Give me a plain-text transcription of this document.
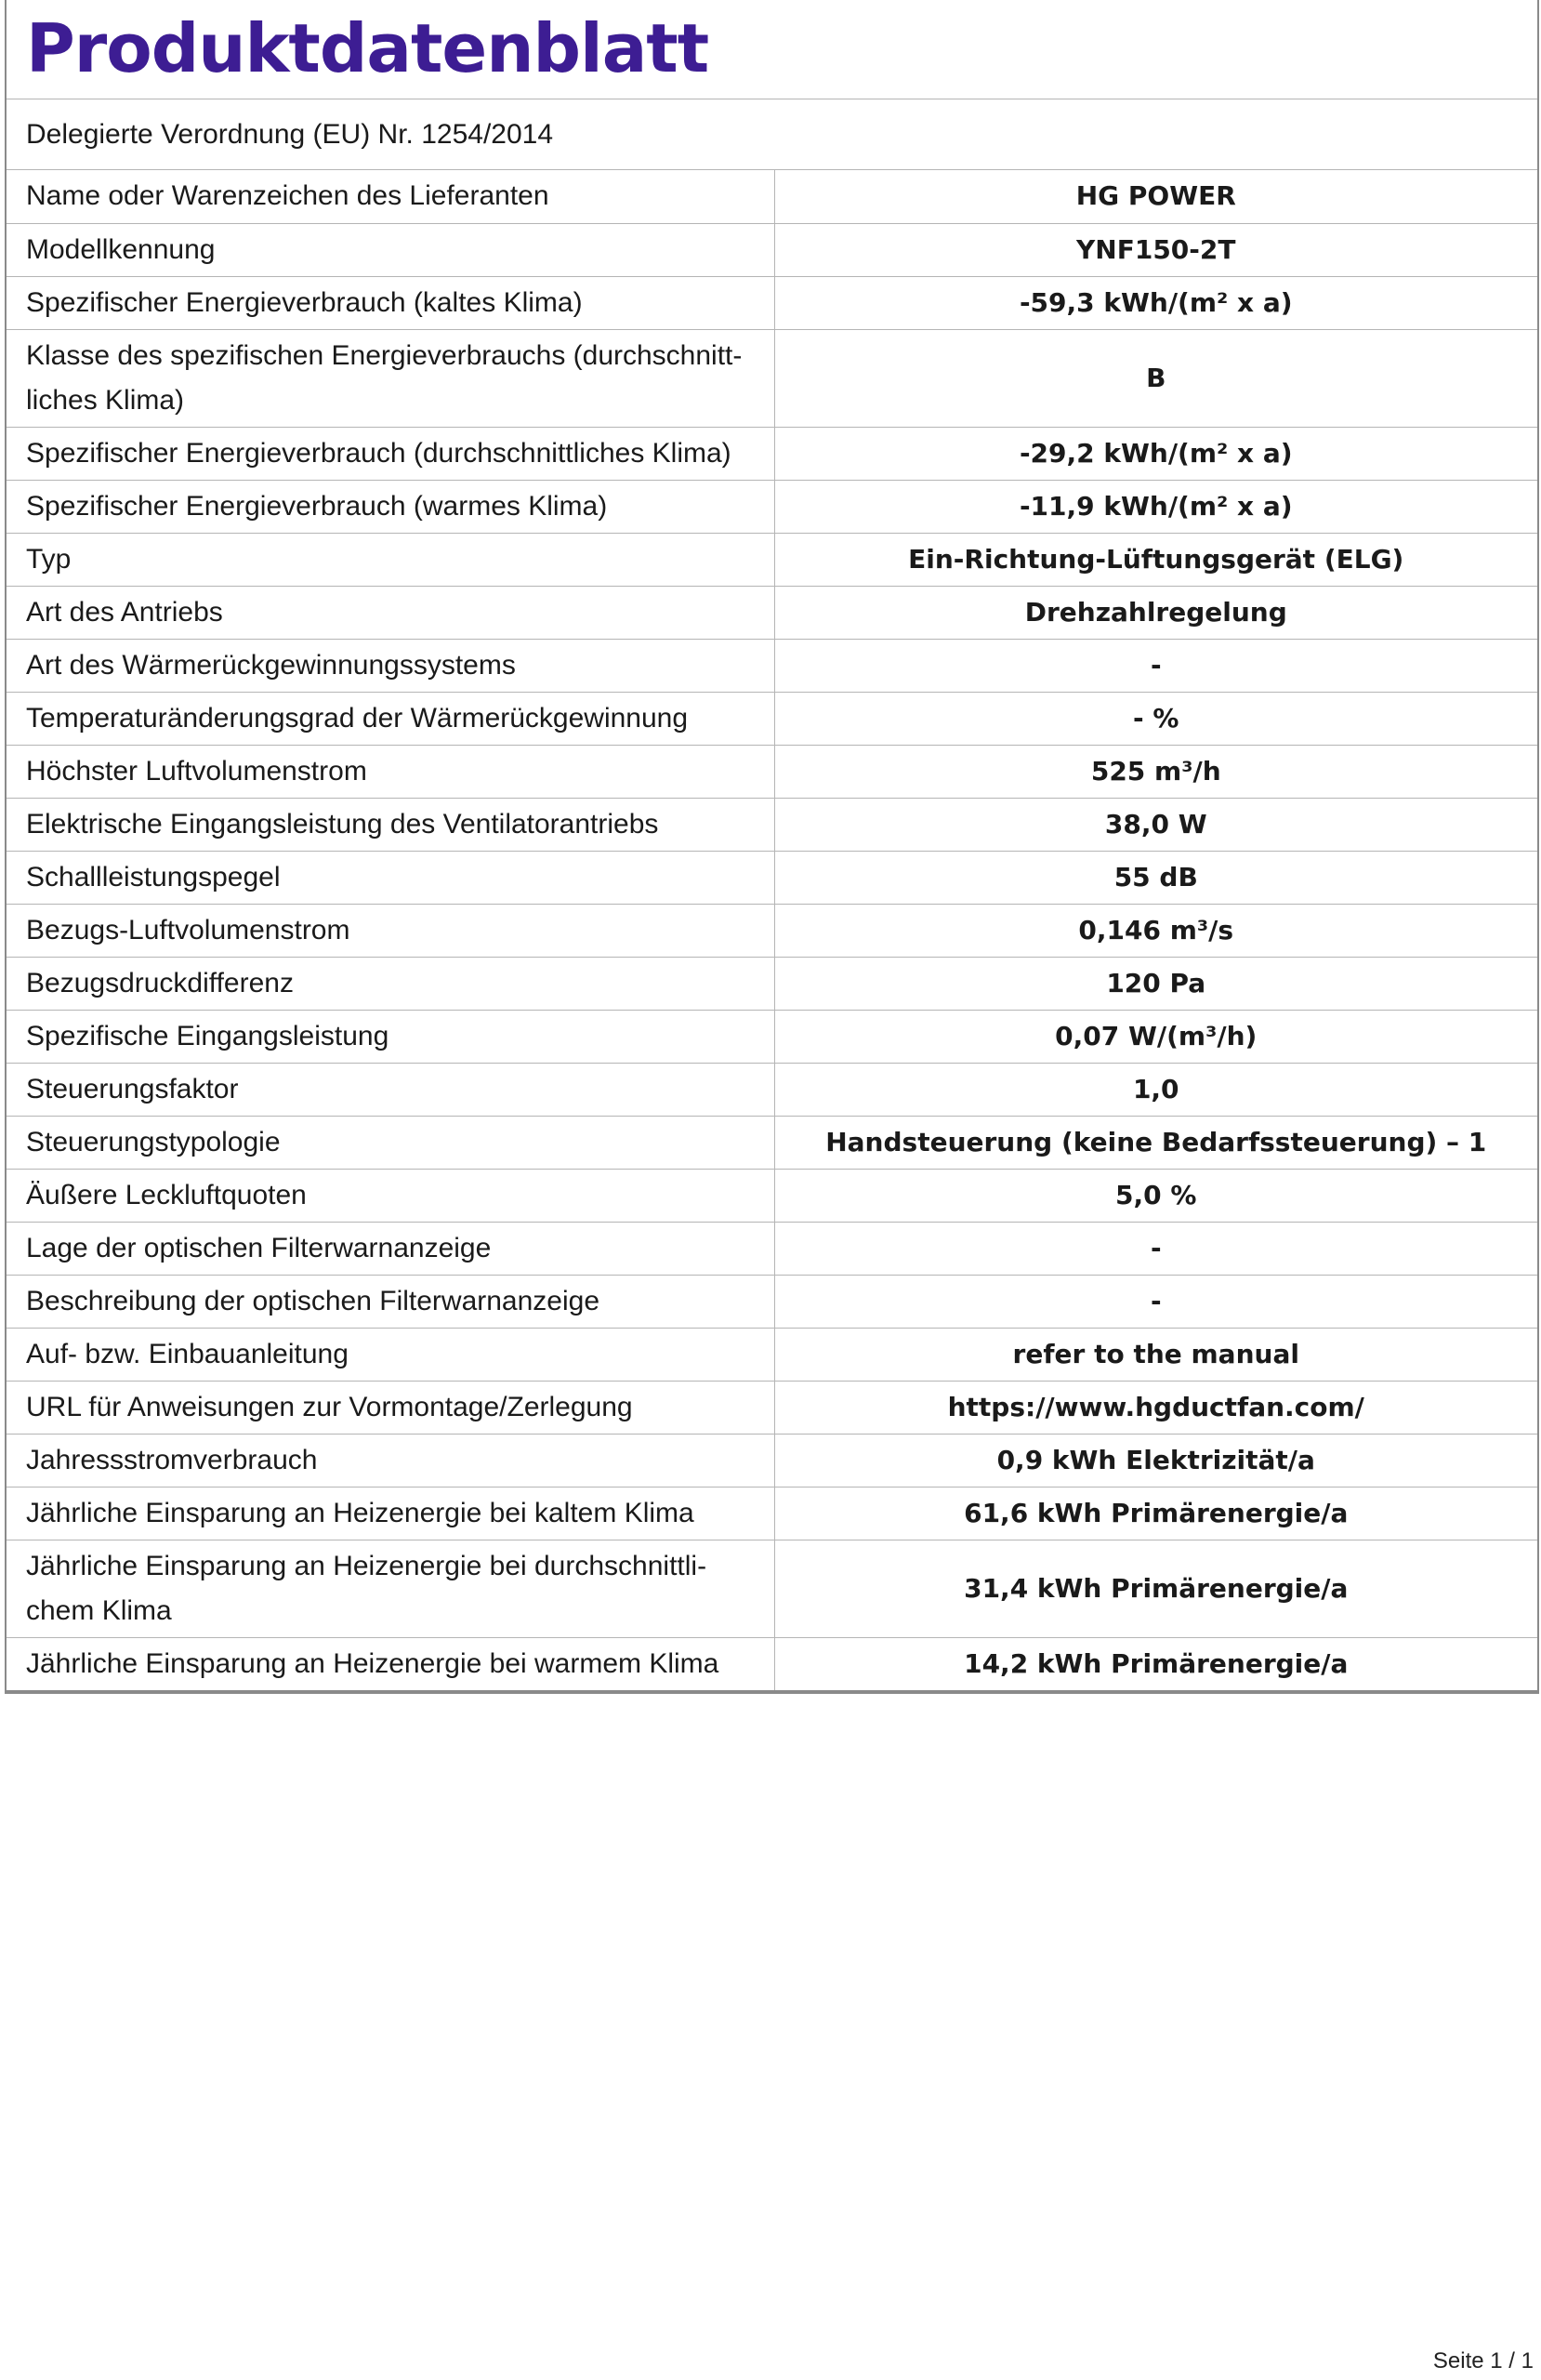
Produktdatenblatt
Delegierte Verordnung (EU) Nr. 1254/2014
Name oder Warenzeichen des Lieferanten	HG POWER
Modellkennung	YNF150-2T
Spezifischer Energieverbrauch (kaltes Klima)	-59,3 kWh/(m² x a)
Klasse des spezifischen Energieverbrauchs (durchschnitt-liches Klima)	B
Spezifischer Energieverbrauch (durchschnittliches Klima)	-29,2 kWh/(m² x a)
Spezifischer Energieverbrauch (warmes Klima)	-11,9 kWh/(m² x a)
Typ	Ein-Richtung-Lüftungsgerät (ELG)
Art des Antriebs	Drehzahlregelung
Art des Wärmerückgewinnungssystems	-
Temperaturänderungsgrad der Wärmerückgewinnung	- %
Höchster Luftvolumenstrom	525 m³/h
Elektrische Eingangsleistung des Ventilatorantriebs	38,0 W
Schallleistungspegel	55 dB
Bezugs-Luftvolumenstrom	0,146 m³/s
Bezugsdruckdifferenz	120 Pa
Spezifische Eingangsleistung	0,07 W/(m³/h)
Steuerungsfaktor	1,0
Steuerungstypologie	Handsteuerung (keine Bedarfssteuerung) – 1
Äußere Leckluftquoten	5,0 %
Lage der optischen Filterwarnanzeige	-
Beschreibung der optischen Filterwarnanzeige	-
Auf- bzw. Einbauanleitung	refer to the manual
URL für Anweisungen zur Vormontage/Zerlegung	https://www.hgductfan.com/
Jahressstromverbrauch	0,9 kWh Elektrizität/a
Jährliche Einsparung an Heizenergie bei kaltem Klima	61,6 kWh Primärenergie/a
Jährliche Einsparung an Heizenergie bei durchschnittli-chem Klima	31,4 kWh Primärenergie/a
Jährliche Einsparung an Heizenergie bei warmem Klima	14,2 kWh Primärenergie/a
Seite 1 / 1
